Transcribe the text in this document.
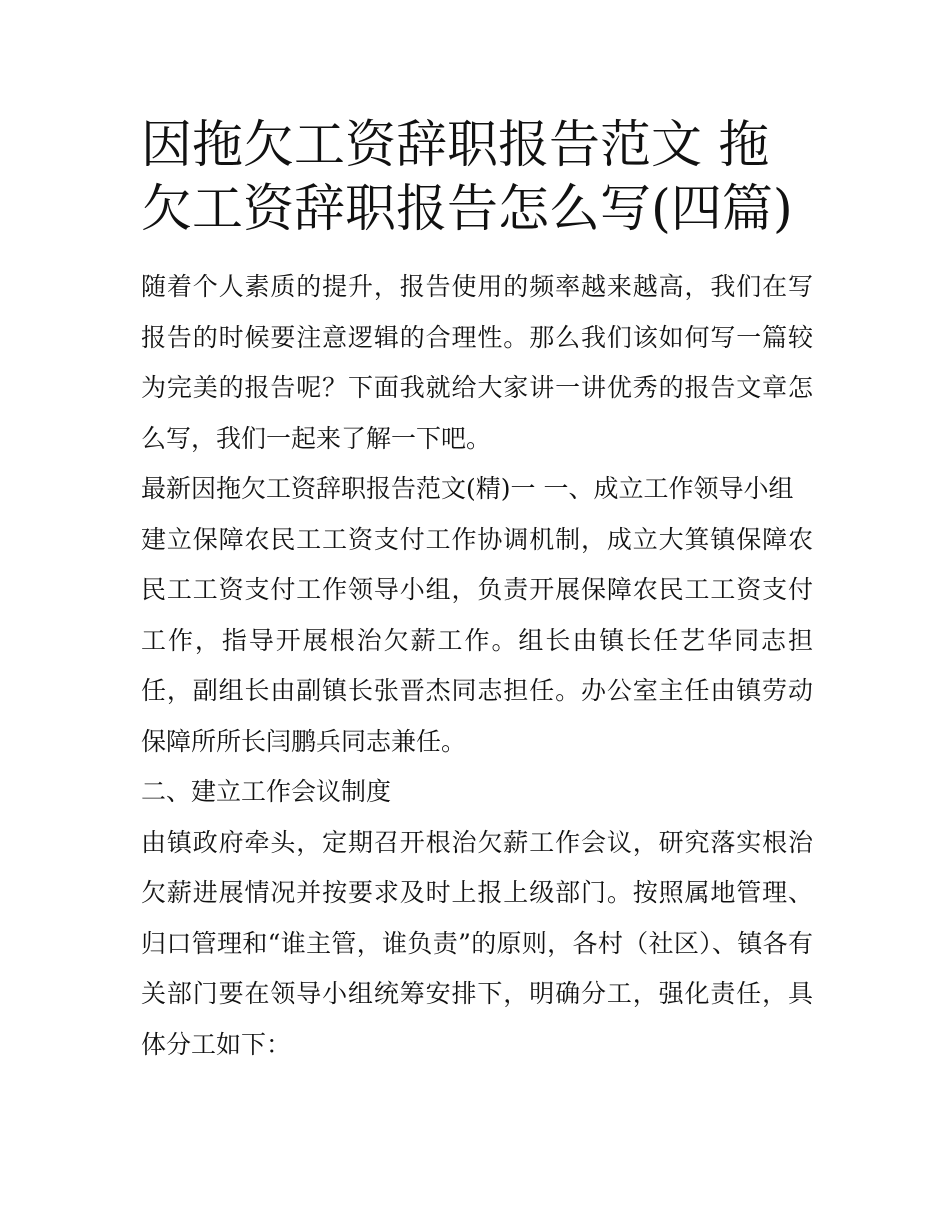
因拖欠工资辞职报告范文 拖欠工资辞职报告怎么写(四篇)

随着个人素质的提升，报告使用的频率越来越高，我们在写报告的时候要注意逻辑的合理性。那么我们该如何写一篇较为完美的报告呢？下面我就给大家讲一讲优秀的报告文章怎么写，我们一起来了解一下吧。

最新因拖欠工资辞职报告范文(精)一 一、成立工作领导小组

建立保障农民工工资支付工作协调机制，成立大箕镇保障农民工工资支付工作领导小组，负责开展保障农民工工资支付工作，指导开展根治欠薪工作。组长由镇长任艺华同志担任，副组长由副镇长张晋杰同志担任。办公室主任由镇劳动保障所所长闫鹏兵同志兼任。

二、建立工作会议制度

由镇政府牵头，定期召开根治欠薪工作会议，研究落实根治欠薪进展情况并按要求及时上报上级部门。按照属地管理、归口管理和“谁主管，谁负责”的原则，各村（社区）、镇各有关部门要在领导小组统筹安排下，明确分工，强化责任，具体分工如下：
